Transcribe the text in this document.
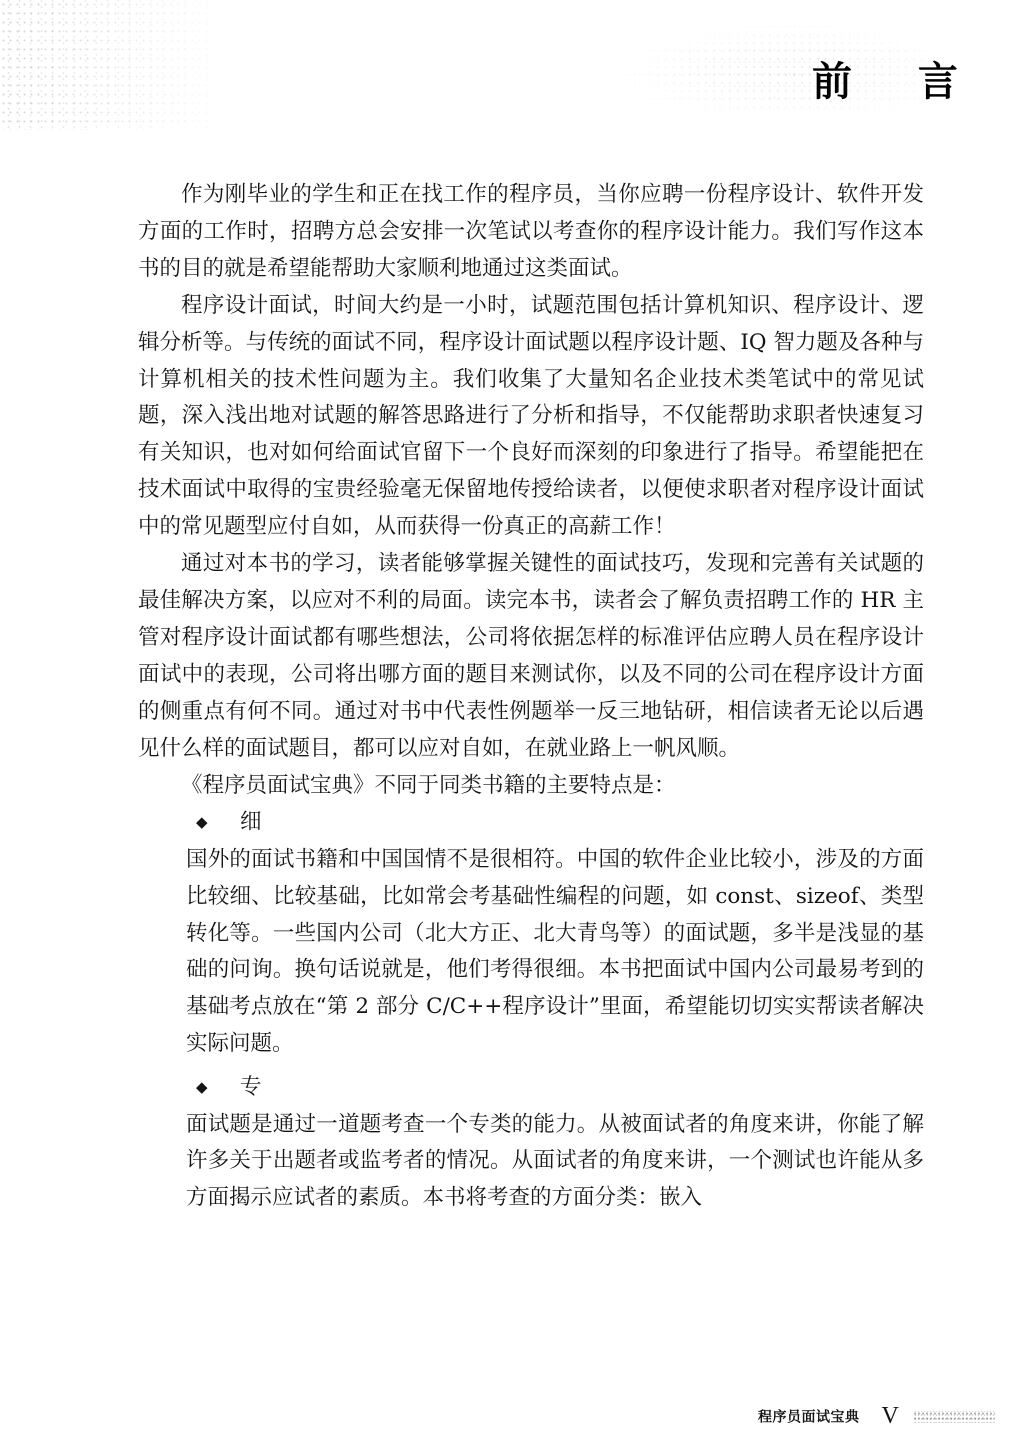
前 言

作为刚毕业的学生和正在找工作的程序员，当你应聘一份程序设计、软件开发方面的工作时，招聘方总会安排一次笔试以考查你的程序设计能力。我们写作这本书的目的就是希望能帮助大家顺利地通过这类面试。

程序设计面试，时间大约是一小时，试题范围包括计算机知识、程序设计、逻辑分析等。与传统的面试不同，程序设计面试题以程序设计题、IQ 智力题及各种与计算机相关的技术性问题为主。我们收集了大量知名企业技术类笔试中的常见试题，深入浅出地对试题的解答思路进行了分析和指导，不仅能帮助求职者快速复习有关知识，也对如何给面试官留下一个良好而深刻的印象进行了指导。希望能把在技术面试中取得的宝贵经验毫无保留地传授给读者，以便使求职者对程序设计面试中的常见题型应付自如，从而获得一份真正的高薪工作！

通过对本书的学习，读者能够掌握关键性的面试技巧，发现和完善有关试题的最佳解决方案，以应对不利的局面。读完本书，读者会了解负责招聘工作的 HR 主管对程序设计面试都有哪些想法，公司将依据怎样的标准评估应聘人员在程序设计面试中的表现，公司将出哪方面的题目来测试你，以及不同的公司在程序设计方面的侧重点有何不同。通过对书中代表性例题举一反三地钻研，相信读者无论以后遇见什么样的面试题目，都可以应对自如，在就业路上一帆风顺。

《程序员面试宝典》不同于同类书籍的主要特点是：

◆ 细

国外的面试书籍和中国国情不是很相符。中国的软件企业比较小，涉及的方面比较细、比较基础，比如常会考基础性编程的问题，如 const、sizeof、类型转化等。一些国内公司（北大方正、北大青鸟等）的面试题，多半是浅显的基础的问询。换句话说就是，他们考得很细。本书把面试中国内公司最易考到的基础考点放在“第 2 部分 C/C++程序设计”里面，希望能切切实实帮读者解决实际问题。

◆ 专

面试题是通过一道题考查一个专类的能力。从被面试者的角度来讲，你能了解许多关于出题者或监考者的情况。从面试者的角度来讲，一个测试也许能从多方面揭示应试者的素质。本书将考查的方面分类：嵌入

程序员面试宝典 V
